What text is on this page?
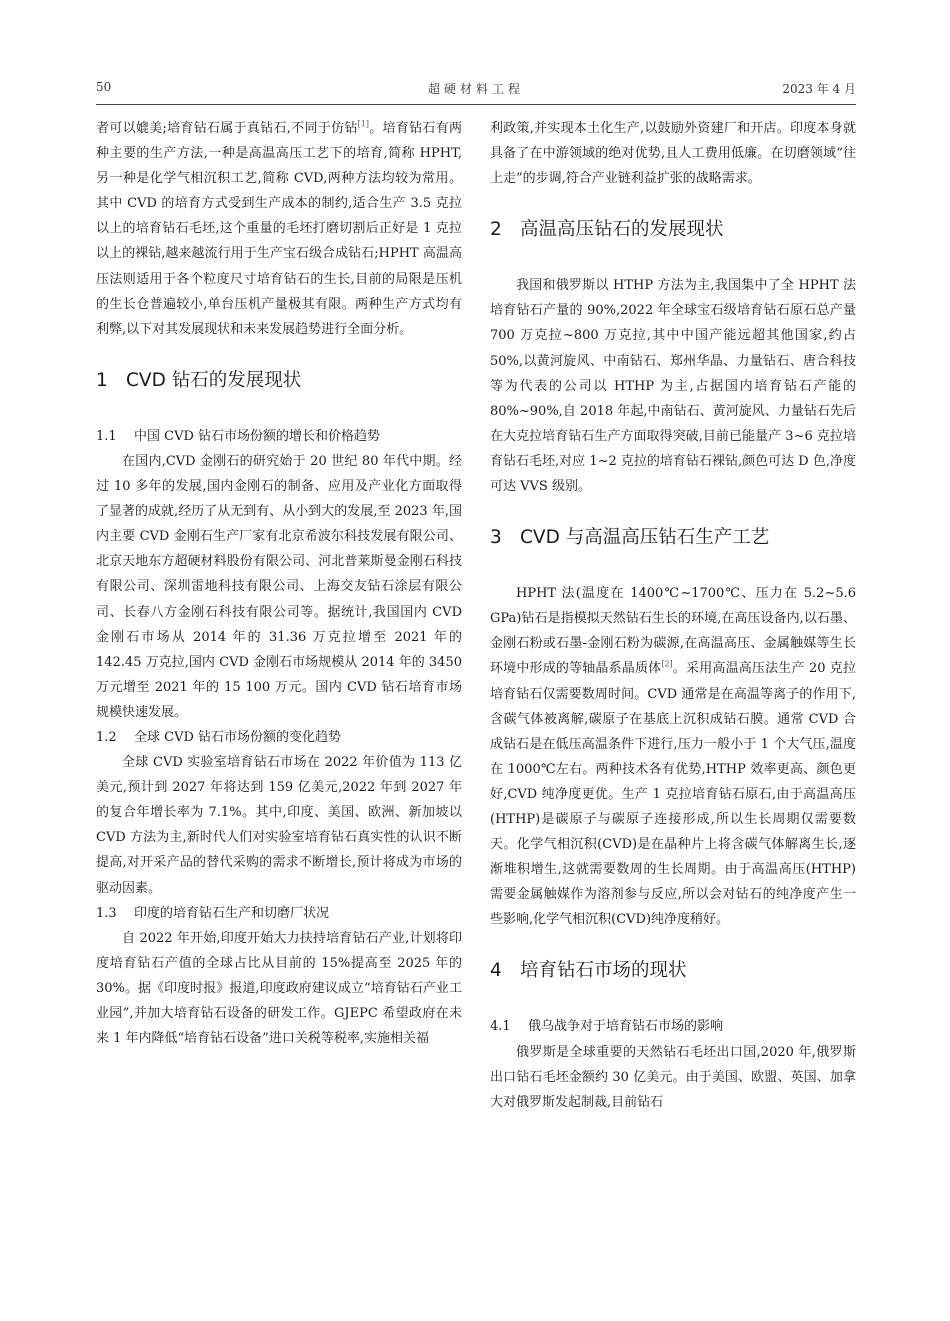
50	超硬材料工程	2023 年 4 月

者可以媲美;培育钻石属于真钻石,不同于仿钻[1]。培育钻石有两种主要的生产方法,一种是高温高压工艺下的培育,简称 HPHT,另一种是化学气相沉积工艺,简称 CVD,两种方法均较为常用。其中 CVD 的培育方式受到生产成本的制约,适合生产 3.5 克拉以上的培育钻石毛坯,这个重量的毛坯打磨切割后正好是 1 克拉以上的裸钻,越来越流行用于生产宝石级合成钻石;HPHT 高温高压法则适用于各个粒度尺寸培育钻石的生长,目前的局限是压机的生长仓普遍较小,单台压机产量极其有限。两种生产方式均有利弊,以下对其发展现状和未来发展趋势进行全面分析。

1 CVD 钻石的发展现状
1.1 中国 CVD 钻石市场份额的增长和价格趋势

在国内,CVD 金刚石的研究始于 20 世纪 80 年代中期。经过 10 多年的发展,国内金刚石的制备、应用及产业化方面取得了显著的成就,经历了从无到有、从小到大的发展,至 2023 年,国内主要 CVD 金刚石生产厂家有北京希波尔科技发展有限公司、北京天地东方超硬材料股份有限公司、河北普莱斯曼金刚石科技有限公司、深圳雷地科技有限公司、上海交友钻石涂层有限公司、长春八方金刚石科技有限公司等。据统计,我国国内 CVD 金刚石市场从 2014 年的 31.36 万克拉增至 2021 年的 142.45 万克拉,国内 CVD 金刚石市场规模从 2014 年的 3450 万元增至 2021 年的 15 100 万元。国内 CVD 钻石培育市场规模快速发展。

1.2 全球 CVD 钻石市场份额的变化趋势

全球 CVD 实验室培育钻石市场在 2022 年价值为 113 亿美元,预计到 2027 年将达到 159 亿美元,2022 年到 2027 年的复合年增长率为 7.1%。其中,印度、美国、欧洲、新加坡以 CVD 方法为主,新时代人们对实验室培育钻石真实性的认识不断提高,对开采产品的替代采购的需求不断增长,预计将成为市场的驱动因素。

1.3 印度的培育钻石生产和切磨厂状况

自 2022 年开始,印度开始大力扶持培育钻石产业,计划将印度培育钻石产值的全球占比从目前的 15%提高至 2025 年的 30%。据《印度时报》报道,印度政府建议成立“培育钻石产业工业园”,并加大培育钻石设备的研发工作。GJEPC 希望政府在未来 1 年内降低“培育钻石设备”进口关税等税率,实施相关福

利政策,并实现本土化生产,以鼓励外资建厂和开店。印度本身就具备了在中游领域的绝对优势,且人工费用低廉。在切磨领域“往上走”的步调,符合产业链利益扩张的战略需求。

2 高温高压钻石的发展现状

我国和俄罗斯以 HTHP 方法为主,我国集中了全 HPHT 法培育钻石产量的 90%,2022 年全球宝石级培育钻石原石总产量 700 万克拉~800 万克拉,其中中国产能远超其他国家,约占 50%,以黄河旋风、中南钻石、郑州华晶、力量钻石、唐合科技等为代表的公司以 HTHP 为主,占据国内培育钻石产能的 80%~90%,自 2018 年起,中南钻石、黄河旋风、力量钻石先后在大克拉培育钻石生产方面取得突破,目前已能量产 3~6 克拉培育钻石毛坯,对应 1~2 克拉的培育钻石裸钻,颜色可达 D 色,净度可达 VVS 级别。

3 CVD 与高温高压钻石生产工艺

HPHT 法(温度在 1400℃~1700℃、压力在 5.2~5.6 GPa)钻石是指模拟天然钻石生长的环境,在高压设备内,以石墨、金刚石粉或石墨-金刚石粉为碳源,在高温高压、金属触媒等生长环境中形成的等轴晶系晶质体[2]。采用高温高压法生产 20 克拉培育钻石仅需要数周时间。CVD 通常是在高温等离子的作用下,含碳气体被离解,碳原子在基底上沉积成钻石膜。通常 CVD 合成钻石是在低压高温条件下进行,压力一般小于 1 个大气压,温度在 1000℃左右。两种技术各有优势,HTHP 效率更高、颜色更好,CVD 纯净度更优。生产 1 克拉培育钻石原石,由于高温高压(HTHP)是碳原子与碳原子连接形成,所以生长周期仅需要数天。化学气相沉积(CVD)是在晶种片上将含碳气体解离生长,逐渐堆积增生,这就需要数周的生长周期。由于高温高压(HTHP)需要金属触媒作为溶剂参与反应,所以会对钻石的纯净度产生一些影响,化学气相沉积(CVD)纯净度稍好。

4 培育钻石市场的现状
4.1 俄乌战争对于培育钻石市场的影响

俄罗斯是全球重要的天然钻石毛坯出口国,2020 年,俄罗斯出口钻石毛坯金额约 30 亿美元。由于美国、欧盟、英国、加拿大对俄罗斯发起制裁,目前钻石
